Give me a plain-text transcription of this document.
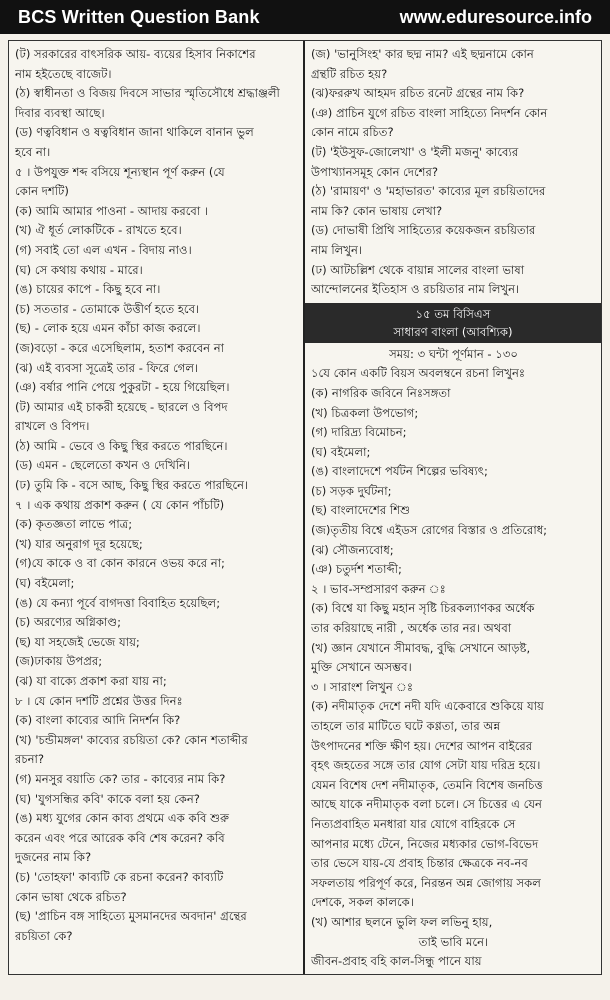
BCS Written Question Bank	www.eduresource.info
(ট) সরকারের বাৎসরিক আয়- ব্যয়ের হিসাব নিকাশের
নাম হইতেছে বাজেট।
(ঠ) স্বাধীনতা ও বিজয় দিবসে সাভার স্মৃতিসৌধে শ্রদ্ধাঞ্জলী
দিবার ব্যবস্থা আছে।
(ড) ণত্ববিধান ও ষত্ববিধান জানা থাকিলে বানান ভুল
হবে না।
৫ । উপযুক্ত শব্দ বসিয়ে শূন্যস্থান পূর্ণ করুন (যে
কোন দশটি)
(ক) আমি আমার পাওনা - আদায় করবো ।
(খ) ঐ ধূর্ত লোকটিকে - রাখতে হবে।
(গ) সবাই তো এল এখন - বিদায় নাও।
(ঘ) সে কথায় কথায় - মারে।
(ঙ) চায়ের কাপে - কিছু হবে না।
(চ) সততার - তোমাকে উত্তীর্ণ হতে হবে।
(ছ) - লোক হয়ে এমন কাঁচা কাজ করলে।
(জ)বড়ো - করে এসেছিলাম, হতাশ করবেন না
(ঝ) এই ব্যবসা সূত্রেই তার - ফিরে গেল।
(ঞ) বর্ষার পানি পেয়ে পুকুরটা - হয়ে গিয়েছিল।
(ট) আমার এই চাকরী হয়েছে - ছারলে ও বিপদ
রাখলে ও বিপদ।
(ঠ) আমি - ভেবে ও কিছু স্থির করতে পারছিনে।
(ড) এমন - ছেলেতো কখন ও দেখিনি।
(ঢ) তুমি কি - বসে আছ, কিছু স্থির করতে পারছিনে।
৭ । এক কথায় প্রকাশ করুন ( যে কোন পাঁচটি)
(ক) কৃতজ্ঞতা লাভে পাত্র;
(খ) যার অনুরাগ দূর হয়েছে;
(গ)যে কাকে ও বা কোন কারনে ওভয় করে না;
(ঘ) বইমেলা;
(ঙ) যে কন্যা পূর্বে বাগদত্তা বিবাহিত হয়েছিল;
(চ) অরণ্যের অগ্নিকাণ্ড;
(ছ) যা সহজেই ভেজে যায়;
(জ)ঢাকায় উপপ্রর;
(ঝ) যা বাক্যে প্রকাশ করা যায় না;
৮ । যে কোন দশটি প্রশ্নের উত্তর দিনঃ
(ক) বাংলা কাব্যের আদি নিদর্শন কি?
(খ) 'চন্ডীমঙ্গল' কাব্যের রচয়িতা কে? কোন শতাব্দীর
রচনা?
(গ) মনসুর বয়াতি কে? তার - কাব্যের নাম কি?
(ঘ) 'যুগসন্ধির কবি' কাকে বলা হয় কেন?
(ঙ) মধ্য যুগের কোন কাব্য প্রথমে এক কবি শুরু
করেন এবং পরে আরেক কবি শেষ করেন? কবি
দুজনের নাম কি?
(চ) 'তোহফা' কাব্যটি কে রচনা করেন? কাব্যটি
কোন ভাষা থেকে রচিত?
(ছ) 'প্রাচিন বঙ্গ সাহিত্যে মুসমানদের অবদান' গ্রন্থের
রচয়িতা কে?
(জ) 'ভানুসিংহ' কার ছদ্ম নাম? এই ছদ্মনামে কোন
গ্রন্থটি রচিত হয়?
(ঝ)ফররুখ আহমদ রচিত রনেট গ্রন্থের নাম কি?
(ঞ) প্রাচিন যুগে রচিত বাংলা সাহিত্যে নিদর্শন কোন
কোন নামে রচিত?
(ট) 'ইউসুফ-জোলেখা' ও 'ইলী মজনু' কাব্যের
উপাখ্যানসমূহ কোন দেশের?
(ঠ) 'রামায়ণ' ও 'মহাভারত' কাব্যের মূল রচয়িতাদের
নাম কি? কোন ভাষায় লেখা?
(ড) দোভাষী প্রিথি সাহিত্যের কয়েকজন রচয়িতার
নাম লিখুন।
(ঢ) আটচল্লিশ থেকে বায়ান্ন সালের বাংলা ভাষা
আন্দোলনের ইতিহাস ও রচয়িতার নাম লিখুন।
১৫ তম বিসিএস
সাধারণ বাংলা (আবশ্যিক)
সময়: ৩ ঘন্টা পূর্ণমান - ১৩০
১যে কোন একটি বিয়স অবলম্বনে রচনা লিখুনঃ
(ক) নাগরিক জবিনে নিঃসঙ্গতা
(খ) চিত্রকলা উপভোগ;
(গ) দারিদ্র্য বিমোচন;
(ঘ) বইমেলা;
(ঙ) বাংলাদেশে পর্যটন শিল্পের ভবিষ্যৎ;
(চ) সড়ক দুর্ঘটনা;
(ছ) বাংলাদেশের শিশু
(জ)তৃতীয় বিশ্বে এইডস রোগের বিস্তার ও প্রতিরোধ;
(ঝ) সৌজন্যবোধ;
(ঞ) চতুর্দশ শতাব্দী;
২ । ভাব-সম্প্রসারণ করুন ঃ
(ক) বিশ্বে যা কিছু মহান সৃষ্টি চিরকল্যাণকর অর্ধেক
তার করিয়াছে নারী , অর্ধেক তার নর। অথবা
(খ) জ্ঞান যেখানে সীমাবদ্ধ, বুদ্ধি সেখানে আড়ষ্ট,
মুক্তি সেখানে অসম্ভব।
৩ । সারাংশ লিখুন ঃ
(ক) নদীমাতৃক দেশে নদী যদি একেবারে শুকিয়ে যায়
তাহলে তার মাটিতে ঘটে কণ্ণতা, তার অন্ন
উৎপাদনের শক্তি ক্ষীণ হয়। দেশের আপন বাইরের
বৃহৎ জহতের সঙ্গে তার যোগ সেটা যায় দরিদ্র হয়ে।
যেমন বিশেষ দেশ নদীমাতৃক, তেমনি বিশেষ জনচিত্ত
আছে যাকে নদীমাতৃক বলা চলে। সে চিত্তের এ যেন
নিত্যপ্রবাহিত মনধারা যার যোগে বাহিরকে সে
আপনার মধ্যে টেনে, নিজের মধ্যকার ভোগ-বিভেদ
তার ভেসে যায়-যে প্রবাহ চিন্তার ক্ষেত্রকে নব-নব
সফলতায় পরিপূর্ণ করে, নিরন্তন অন্ন জোগায় সকল
দেশকে, সকল কালকে।
(খ) আশার ছলনে ভুলি ফল লভিনু হায়,
তাই ভাবি মনে।
জীবন-প্রবাহ বহি কাল-সিন্ধু পানে যায়
